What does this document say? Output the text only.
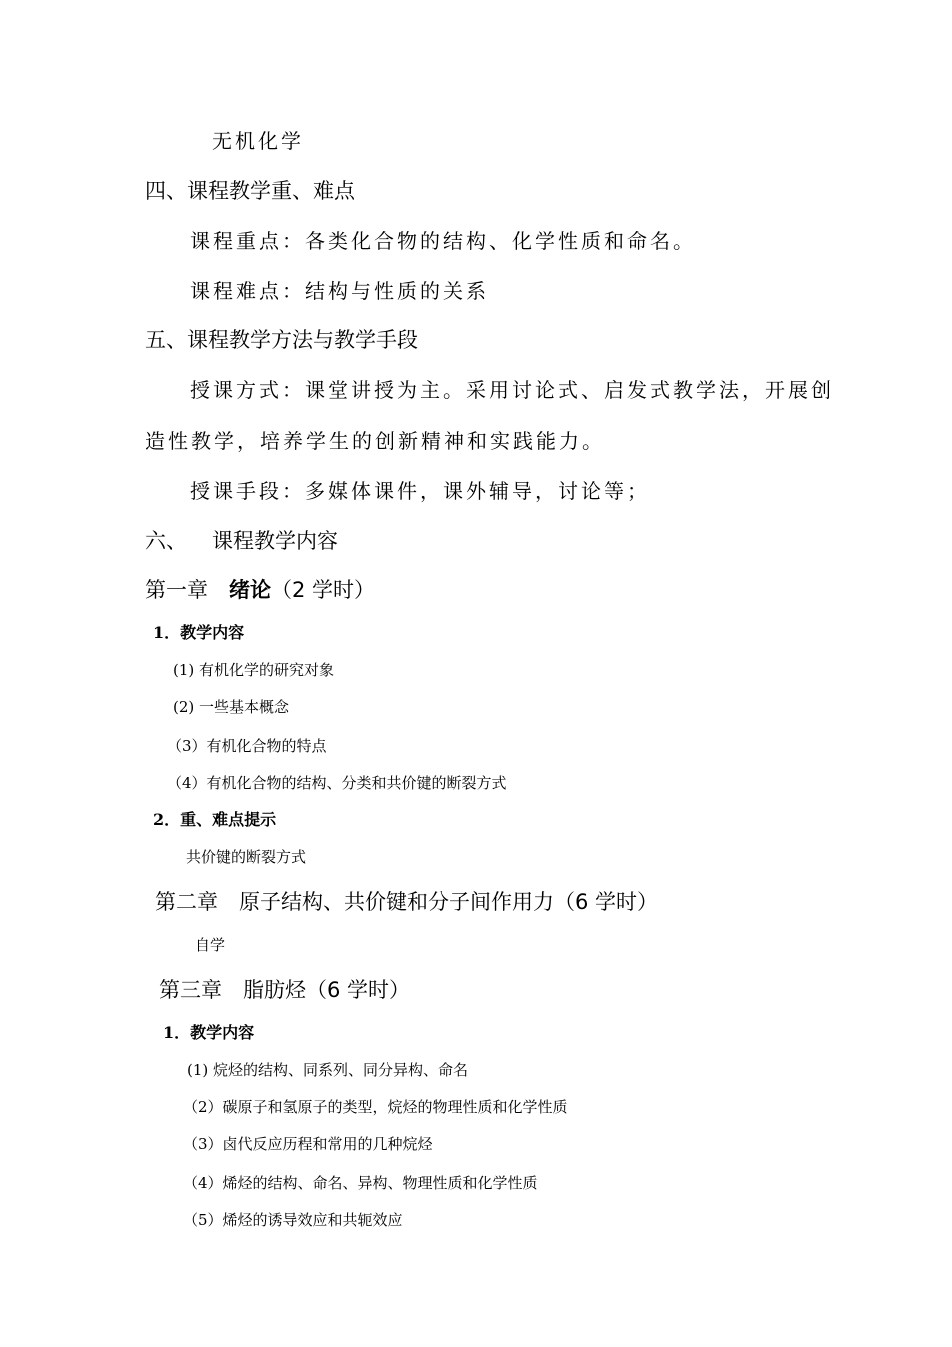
无机化学
四、课程教学重、难点
课程重点：各类化合物的结构、化学性质和命名。
课程难点：结构与性质的关系
五、课程教学方法与教学手段
授课方式：课堂讲授为主。采用讨论式、启发式教学法，开展创
造性教学，培养学生的创新精神和实践能力。
授课手段：多媒体课件，课外辅导，讨论等；
六、 课程教学内容
第一章 绪论（2 学时）
1．教学内容
(1) 有机化学的研究对象
(2) 一些基本概念
（3）有机化合物的特点
（4）有机化合物的结构、分类和共价键的断裂方式
2．重、难点提示
共价键的断裂方式
第二章　原子结构、共价键和分子间作用力（6 学时）
自学
第三章　脂肪烃（6 学时）
1．教学内容
(1) 烷烃的结构、同系列、同分异构、命名
（2）碳原子和氢原子的类型，烷烃的物理性质和化学性质
（3）卤代反应历程和常用的几种烷烃
（4）烯烃的结构、命名、异构、物理性质和化学性质
（5）烯烃的诱导效应和共轭效应
